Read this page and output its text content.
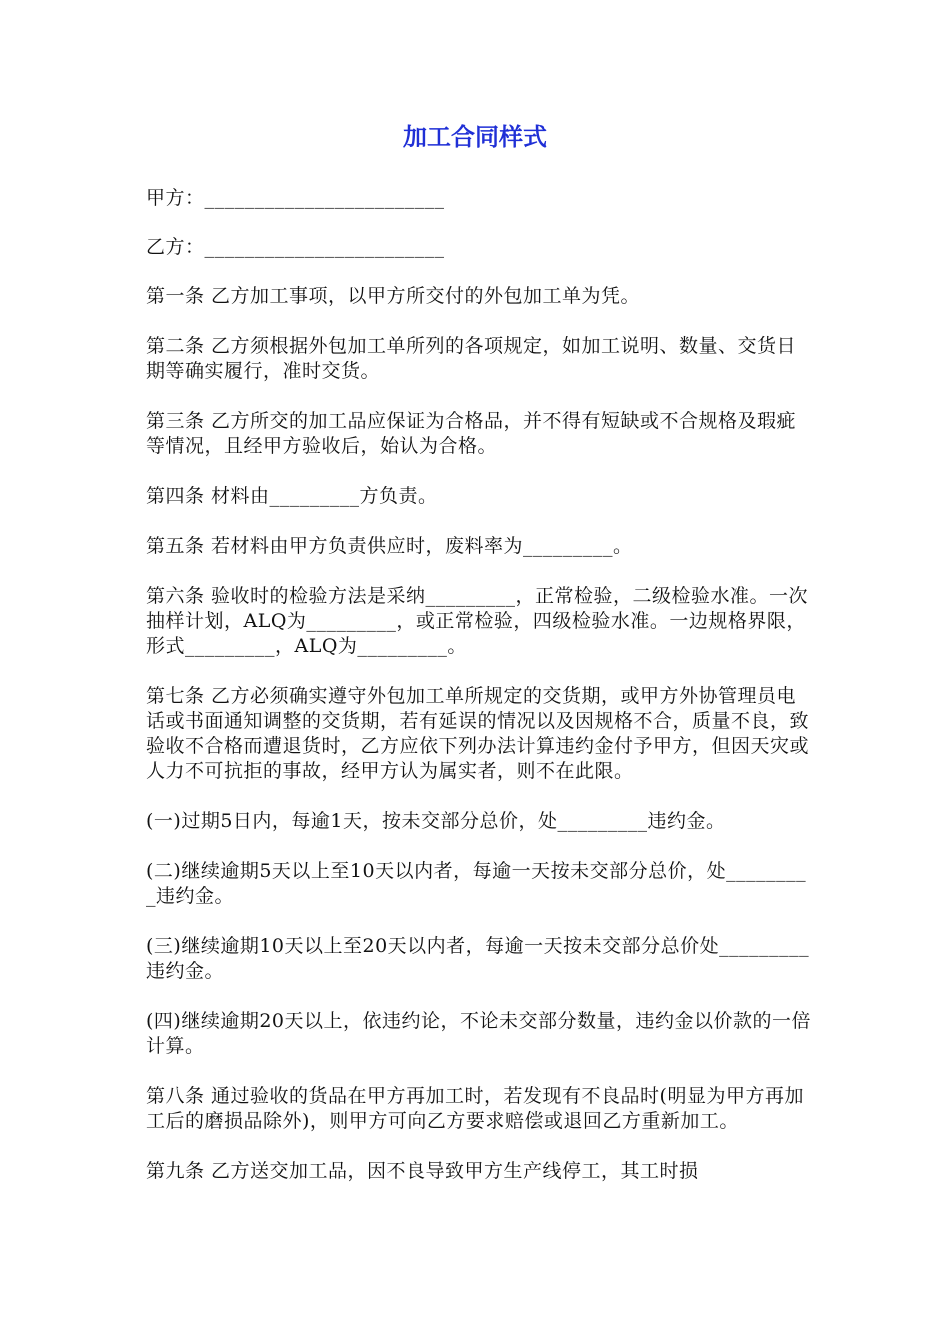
加工合同样式

甲方：________________________

乙方：________________________

第一条 乙方加工事项，以甲方所交付的外包加工单为凭。

第二条 乙方须根据外包加工单所列的各项规定，如加工说明、数量、交货日期等确实履行，准时交货。

第三条 乙方所交的加工品应保证为合格品，并不得有短缺或不合规格及瑕疵等情况，且经甲方验收后，始认为合格。

第四条 材料由_________方负责。

第五条 若材料由甲方负责供应时，废料率为_________。

第六条 验收时的检验方法是采纳_________，正常检验，二级检验水准。一次抽样计划，ALQ为_________，或正常检验，四级检验水准。一边规格界限，形式_________，ALQ为_________。

第七条 乙方必须确实遵守外包加工单所规定的交货期，或甲方外协管理员电话或书面通知调整的交货期，若有延误的情况以及因规格不合，质量不良，致验收不合格而遭退货时，乙方应依下列办法计算违约金付予甲方，但因天灾或人力不可抗拒的事故，经甲方认为属实者，则不在此限。

(一)过期5日内，每逾1天，按未交部分总价，处_________违约金。

(二)继续逾期5天以上至10天以内者，每逾一天按未交部分总价，处_________违约金。

(三)继续逾期10天以上至20天以内者，每逾一天按未交部分总价处_________违约金。

(四)继续逾期20天以上，依违约论，不论未交部分数量，违约金以价款的一倍计算。

第八条 通过验收的货品在甲方再加工时，若发现有不良品时(明显为甲方再加工后的磨损品除外)，则甲方可向乙方要求赔偿或退回乙方重新加工。

第九条 乙方送交加工品，因不良导致甲方生产线停工，其工时损
